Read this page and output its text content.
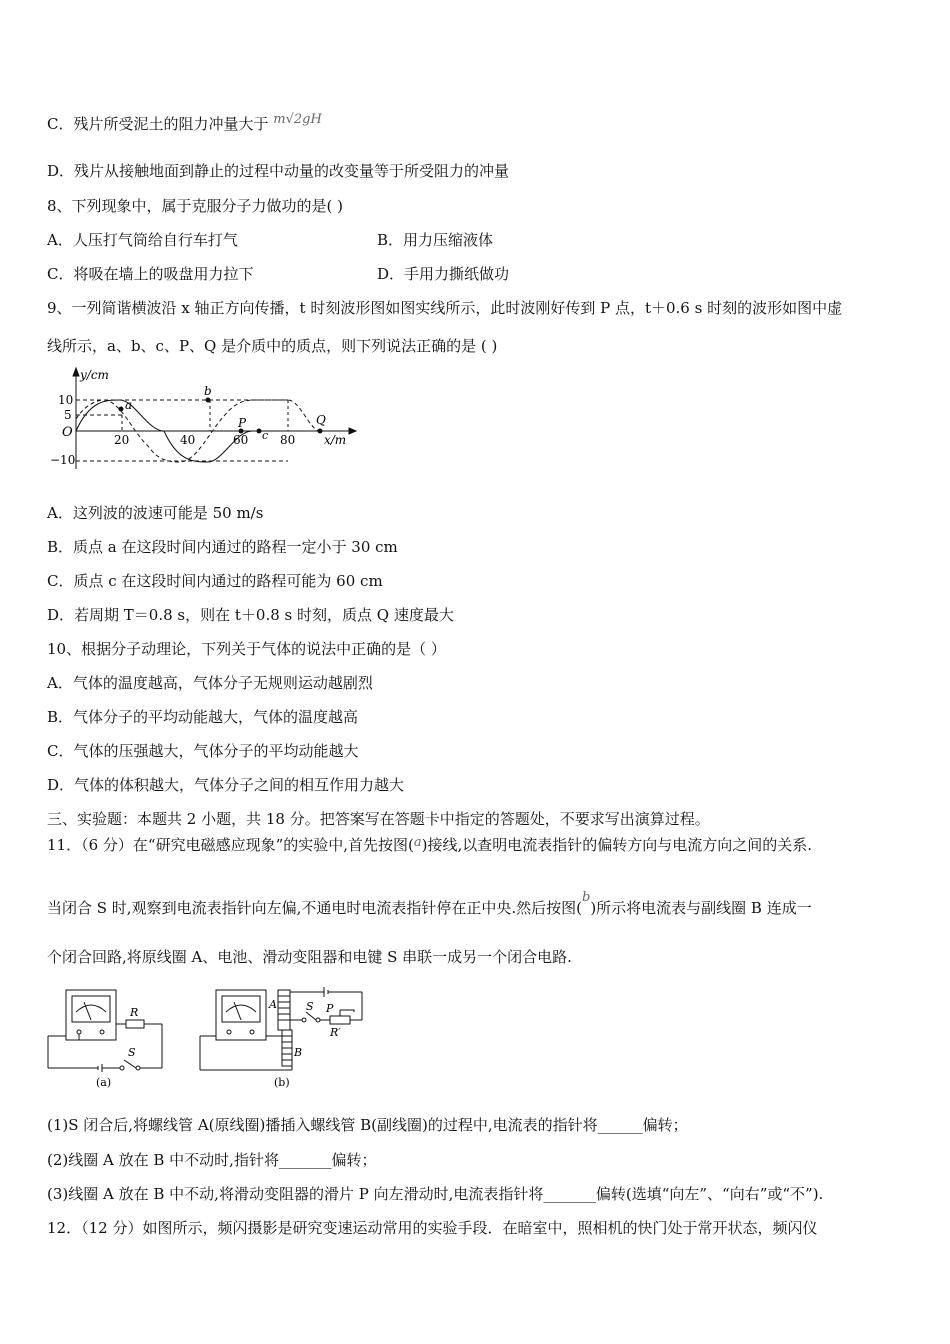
C．残片所受泥土的阻力冲量大于 m√2gH
D．残片从接触地面到静止的过程中动量的改变量等于所受阻力的冲量
8、下列现象中，属于克服分子力做功的是( )
A．人压打气筒给自行车打气	B．用力压缩液体
C．将吸在墙上的吸盘用力拉下	D．手用力撕纸做功
9、一列简谐横波沿 x 轴正方向传播，t 时刻波形图如图实线所示，此时波刚好传到 P 点，t＋0.6 s 时刻的波形如图中虚
线所示，a、b、c、P、Q 是介质中的质点，则下列说法正确的是 ( )
y/cm
x/m
O
10
5
−10
20	40	60	80
a
b
P
c
Q
A．这列波的波速可能是 50 m/s
B．质点 a 在这段时间内通过的路程一定小于 30 cm
C．质点 c 在这段时间内通过的路程可能为 60 cm
D．若周期 T＝0.8 s，则在 t＋0.8 s 时刻，质点 Q 速度最大
10、根据分子动理论，下列关于气体的说法中正确的是（ ）
A．气体的温度越高，气体分子无规则运动越剧烈
B．气体分子的平均动能越大，气体的温度越高
C．气体的压强越大，气体分子的平均动能越大
D．气体的体积越大，气体分子之间的相互作用力越大
三、实验题：本题共 2 小题，共 18 分。把答案写在答题卡中指定的答题处，不要求写出演算过程。
11．（6 分）在“研究电磁感应现象”的实验中,首先按图(a)接线,以查明电流表指针的偏转方向与电流方向之间的关系.
当闭合 S 时,观察到电流表指针向左偏,不通电时电流表指针停在正中央.然后按图(b)所示将电流表与副线圈 B 连成一
个闭合回路,将原线圈 A、电池、滑动变阻器和电键 S 串联一成另一个闭合电路.
R
S
(a)
A	S P
R′
B
(b)
(1)S 闭合后,将螺线管 A(原线圈)播插入螺线管 B(副线圈)的过程中,电流表的指针将______偏转；
(2)线圈 A 放在 B 中不动时,指针将_______偏转；
(3)线圈 A 放在 B 中不动,将滑动变阻器的滑片 P 向左滑动时,电流表指针将_______偏转(选填“向左”、“向右”或“不”).
12．（12 分）如图所示，频闪摄影是研究变速运动常用的实验手段．在暗室中，照相机的快门处于常开状态，频闪仪
